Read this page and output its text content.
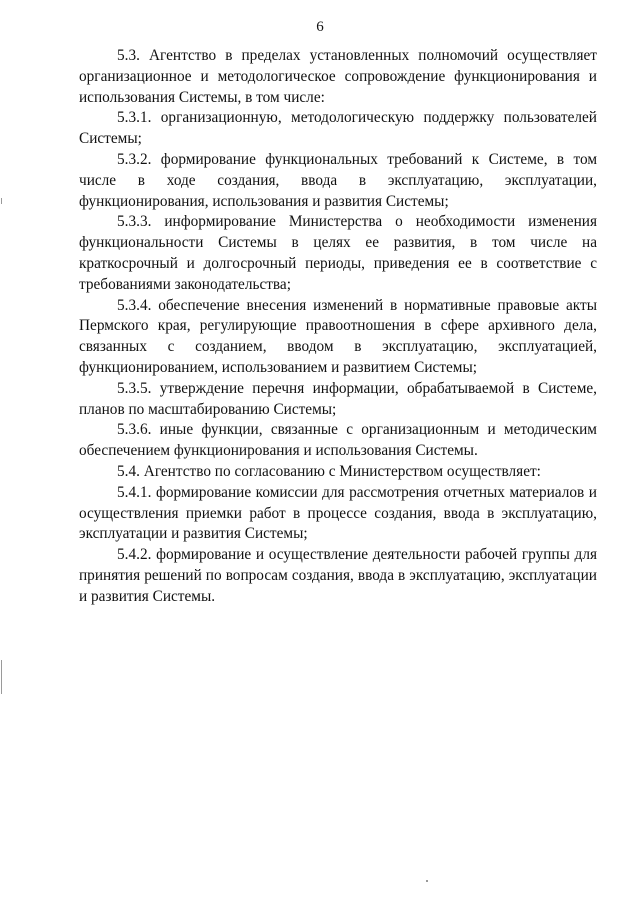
6

5.3. Агентство в пределах установленных полномочий осуществляет организационное и методологическое сопровождение функционирования и использования Системы, в том числе:

5.3.1. организационную, методологическую поддержку пользователей Системы;

5.3.2. формирование функциональных требований к Системе, в том числе в ходе создания, ввода в эксплуатацию, эксплуатации, функционирования, использования и развития Системы;

5.3.3. информирование Министерства о необходимости изменения функциональности Системы в целях ее развития, в том числе на краткосрочный и долгосрочный периоды, приведения ее в соответствие с требованиями законодательства;

5.3.4. обеспечение внесения изменений в нормативные правовые акты Пермского края, регулирующие правоотношения в сфере архивного дела, связанных с созданием, вводом в эксплуатацию, эксплуатацией, функционированием, использованием и развитием Системы;

5.3.5. утверждение перечня информации, обрабатываемой в Системе, планов по масштабированию Системы;

5.3.6. иные функции, связанные с организационным и методическим обеспечением функционирования и использования Системы.

5.4. Агентство по согласованию с Министерством осуществляет:

5.4.1. формирование комиссии для рассмотрения отчетных материалов и осуществления приемки работ в процессе создания, ввода в эксплуатацию, эксплуатации и развития Системы;

5.4.2. формирование и осуществление деятельности рабочей группы для принятия решений по вопросам создания, ввода в эксплуатацию, эксплуатации и развития Системы.
